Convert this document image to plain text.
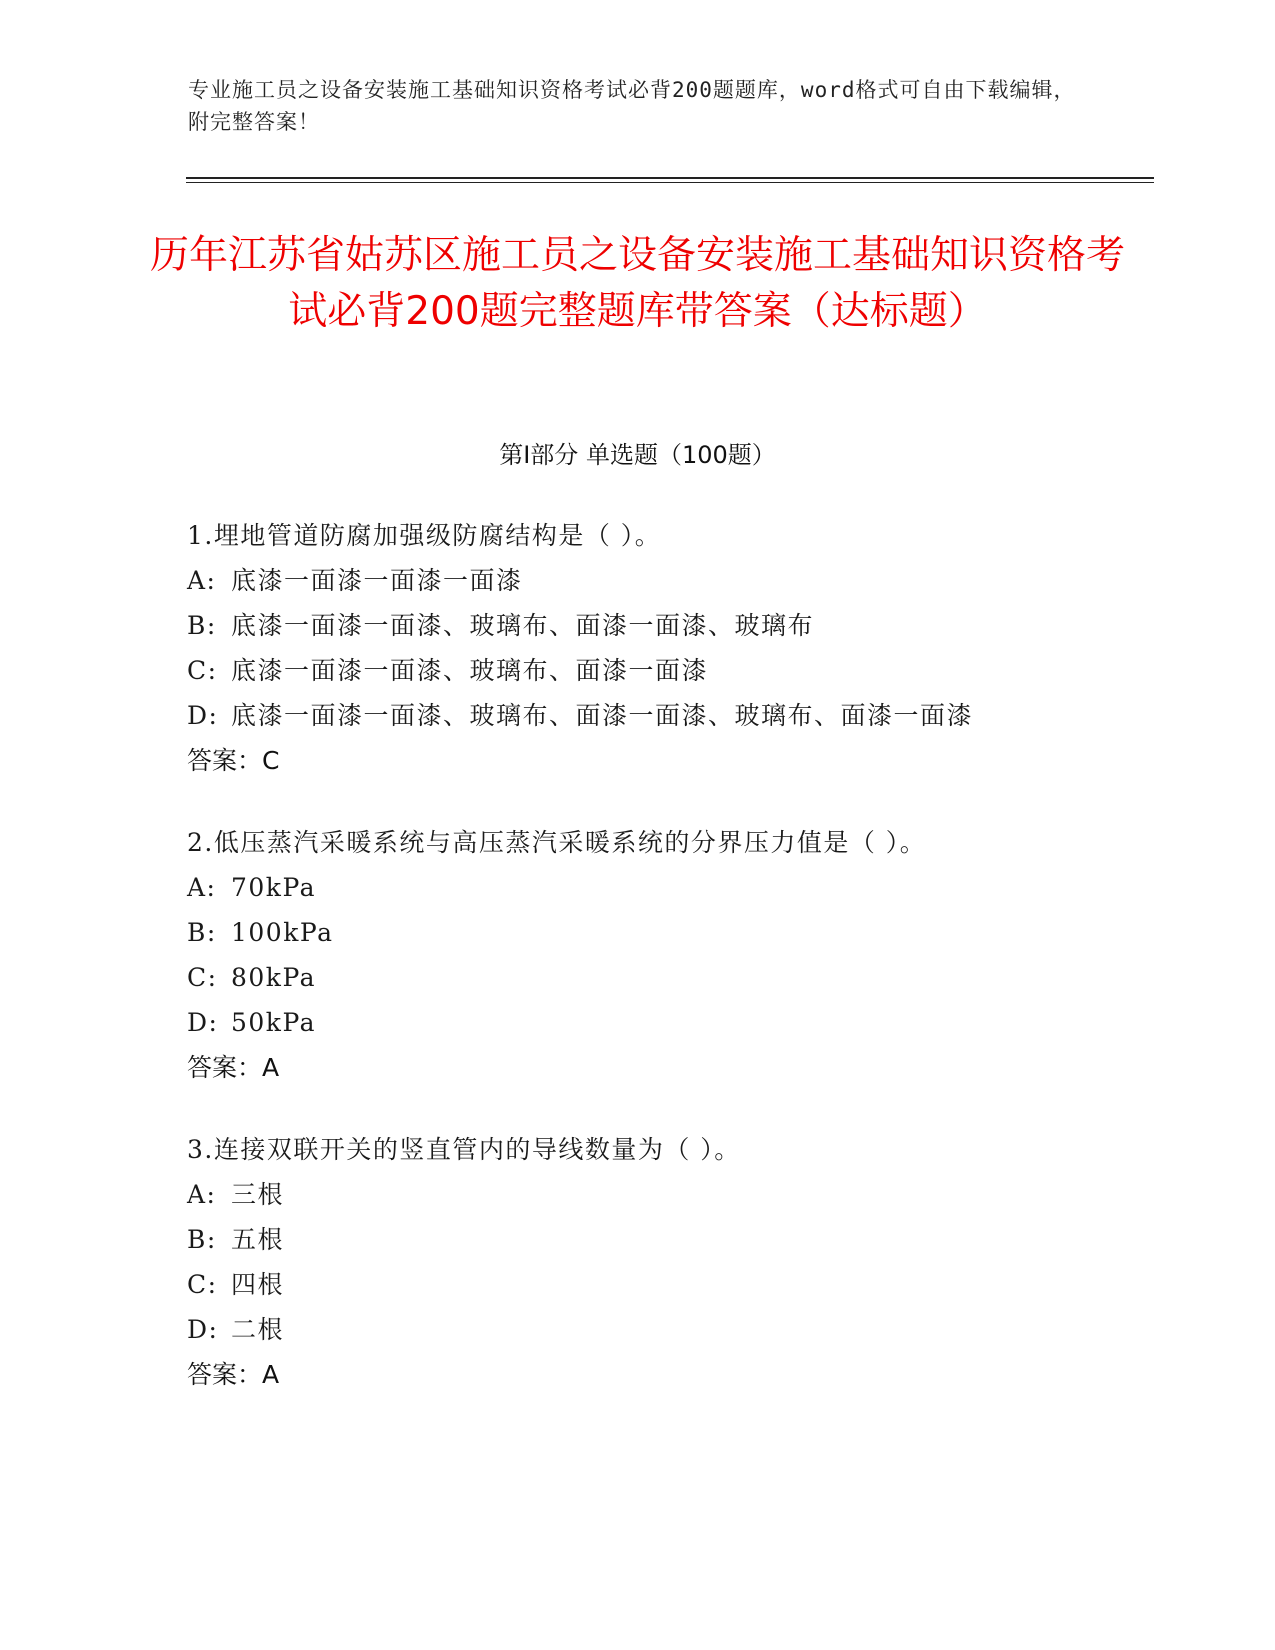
专业施工员之设备安装施工基础知识资格考试必背200题题库，word格式可自由下载编辑，附完整答案！
历年江苏省姑苏区施工员之设备安装施工基础知识资格考试必背200题完整题库带答案（达标题）
第Ⅰ部分 单选题（100题）
1.埋地管道防腐加强级防腐结构是（ ）。
A: 底漆一面漆一面漆一面漆
B: 底漆一面漆一面漆、玻璃布、面漆一面漆、玻璃布
C: 底漆一面漆一面漆、玻璃布、面漆一面漆
D: 底漆一面漆一面漆、玻璃布、面漆一面漆、玻璃布、面漆一面漆
答案：C
2.低压蒸汽采暖系统与高压蒸汽采暖系统的分界压力值是（ ）。
A: 70kPa
B: 100kPa
C: 80kPa
D: 50kPa
答案：A
3.连接双联开关的竖直管内的导线数量为（ ）。
A: 三根
B: 五根
C: 四根
D: 二根
答案：A
